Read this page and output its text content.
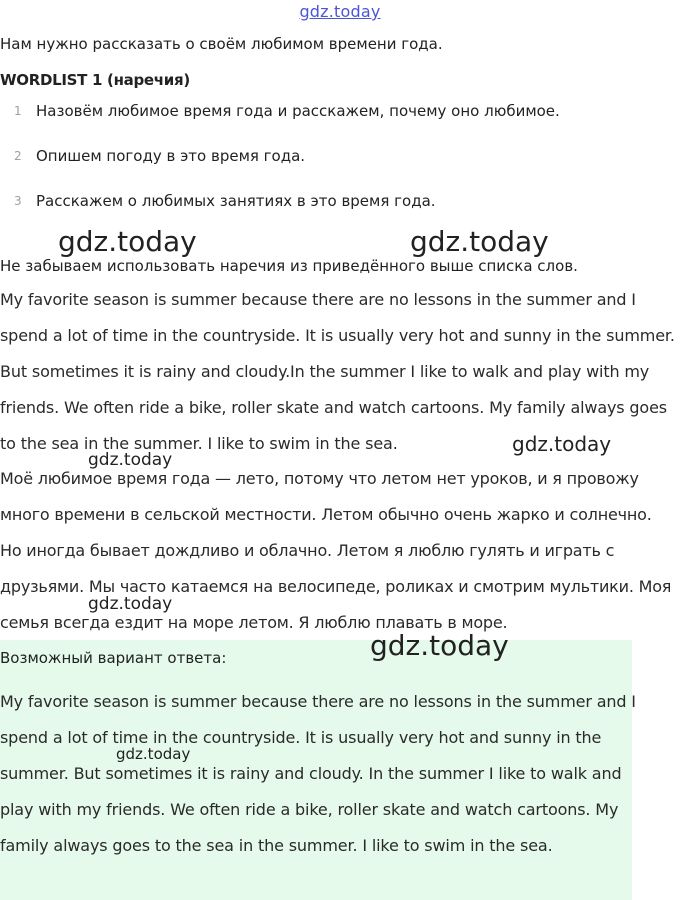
gdz.today
Нам нужно рассказать о своём любимом времени года.
WORDLIST 1 (наречия)
1 Назовём любимое время года и расскажем, почему оно любимое.
2 Опишем погоду в это время года.
3 Расскажем о любимых занятиях в это время года.
Не забываем использовать наречия из приведённого выше списка слов.

My favorite season is summer because there are no lessons in the summer and I spend a lot of time in the countryside. It is usually very hot and sunny in the summer. But sometimes it is rainy and cloudy.In the summer I like to walk and play with my friends. We often ride a bike, roller skate and watch cartoons. My family always goes to the sea in the summer. I like to swim in the sea.

Моё любимое время года — лето, потому что летом нет уроков, и я провожу много времени в сельской местности. Летом обычно очень жарко и солнечно. Но иногда бывает дождливо и облачно. Летом я люблю гулять и играть с друзьями. Мы часто катаемся на велосипеде, роликах и смотрим мультики. Моя семья всегда ездит на море летом. Я люблю плавать в море.

Возможный вариант ответа:

My favorite season is summer because there are no lessons in the summer and I spend a lot of time in the countryside. It is usually very hot and sunny in the summer. But sometimes it is rainy and cloudy. In the summer I like to walk and play with my friends. We often ride a bike, roller skate and watch cartoons. My family always goes to the sea in the summer. I like to swim in the sea.

gdz.today	gdz.today
gdz.today
gdz.today
gdz.today
gdz.today
gdz.today
